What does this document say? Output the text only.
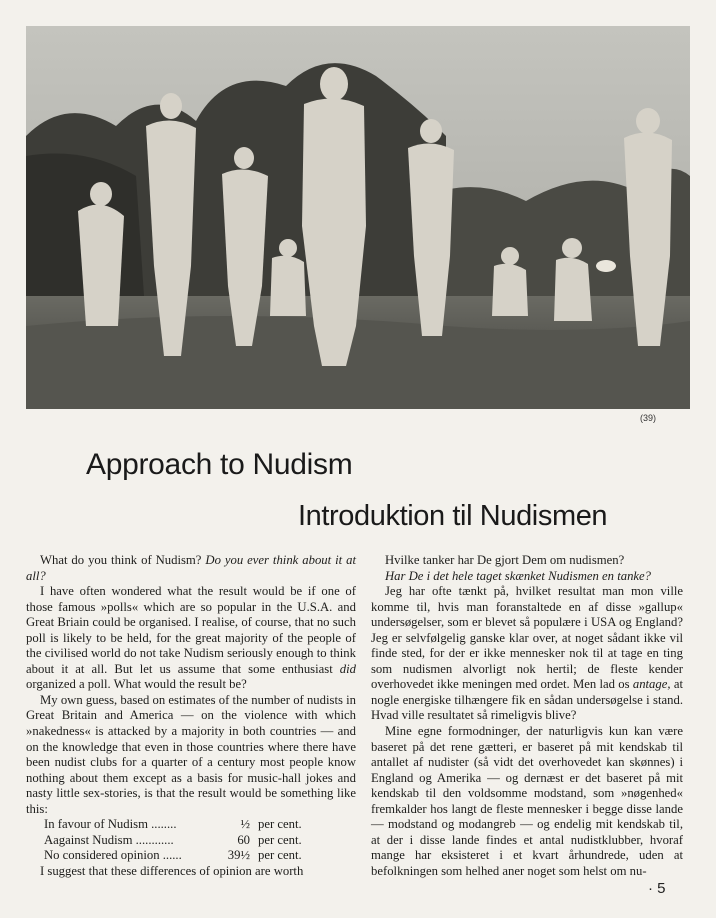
(39)
Approach to Nudism
Introduktion til Nudismen

What do you think of Nudism? Do you ever think about it at all?

I have often wondered what the result would be if one of those famous »polls« which are so popular in the U.S.A. and Great Briain could be organised. I realise, of course, that no such poll is likely to be held, for the great majority of the people of the civilised world do not take Nudism seriously enough to think about it at all. But let us assume that some enthusiast did organized a poll. What would the result be?

My own guess, based on estimates of the number of nudists in Great Britain and America — on the violence with which »nakedness« is attacked by a majority in both countries — and on the knowledge that even in those countries where there have been nudist clubs for a quarter of a century most people know nothing about them except as a basis for music-hall jokes and nasty little sex-stories, is that the result would be something like this:

In favour of Nudism ........	½	per cent.
Aagainst Nudism ............	60	per cent.
No considered opinion ......	39½	per cent.

I suggest that these differences of opinion are worth

Hvilke tanker har De gjort Dem om nudismen?

Har De i det hele taget skænket Nudismen en tanke?

Jeg har ofte tænkt på, hvilket resultat man mon ville komme til, hvis man foranstaltede en af disse »gallup« undersøgelser, som er blevet så populære i USA og England? Jeg er selvfølgelig ganske klar over, at noget sådant ikke vil finde sted, for der er ikke mennesker nok til at tage en ting som nudismen alvorligt nok hertil; de fleste kender overhovedet ikke meningen med ordet. Men lad os antage, at nogle energiske tilhængere fik en sådan undersøgelse i stand. Hvad ville resultatet så rimeligvis blive?

Mine egne formodninger, der naturligvis kun kan være baseret på det rene gætteri, er baseret på mit kendskab til antallet af nudister (så vidt det overhovedet kan skønnes) i England og Amerika — og dernæst er det baseret på mit kendskab til den voldsomme modstand, som »nøgenhed« fremkalder hos langt de fleste mennesker i begge disse lande — modstand og modangreb — og endelig mit kendskab til, at der i disse lande findes et antal nudistklubber, hvoraf mange har eksisteret i et kvart århundrede, uden at befolkningen som helhed aner noget som helst om nu-

· 5
